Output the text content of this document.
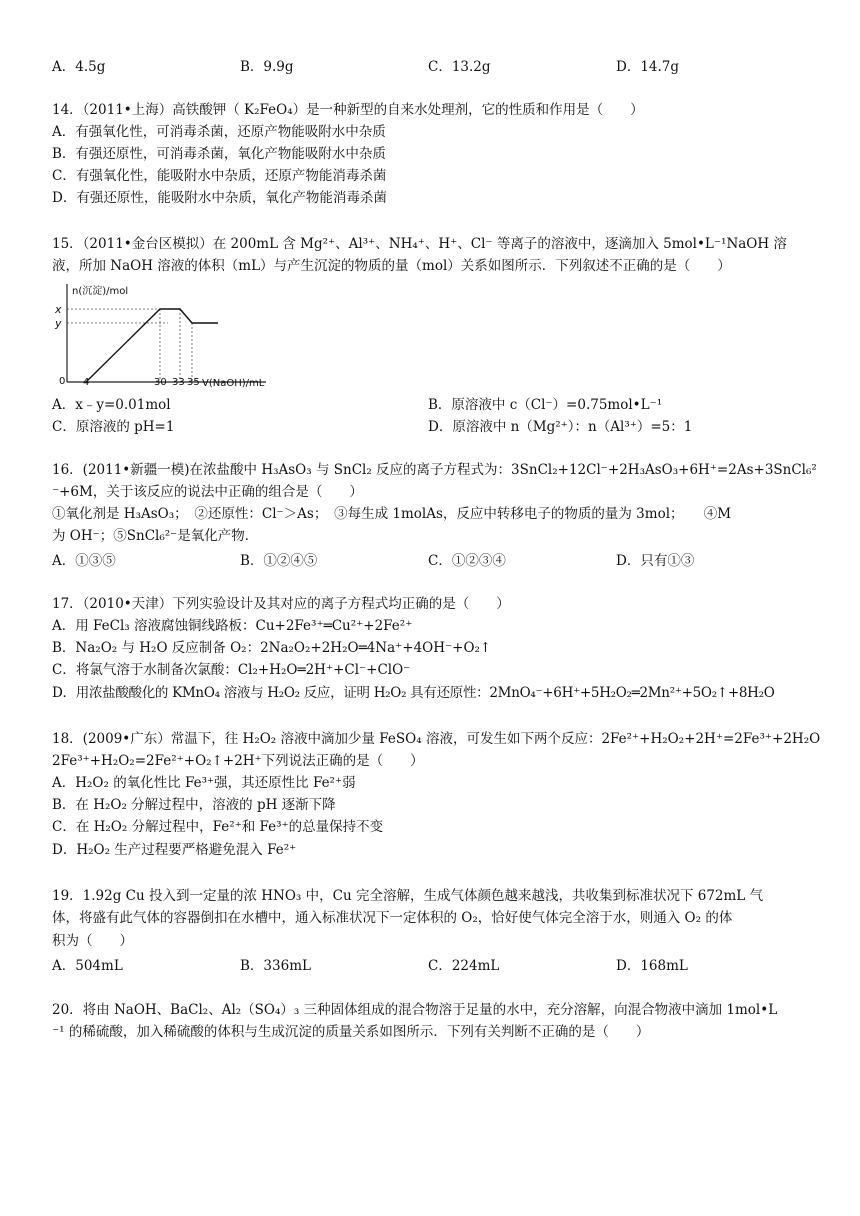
A．4.5g	B．9.9g	C．13.2g	D．14.7g
14．（2011•上海）高铁酸钾（ K₂FeO₄）是一种新型的自来水处理剂，它的性质和作用是（　　）
A．有强氧化性，可消毒杀菌，还原产物能吸附水中杂质
B．有强还原性，可消毒杀菌，氧化产物能吸附水中杂质
C．有强氧化性，能吸附水中杂质，还原产物能消毒杀菌
D．有强还原性，能吸附水中杂质，氧化产物能消毒杀菌
15．（2011•金台区模拟）在 200mL 含 Mg²⁺、Al³⁺、NH₄⁺、H⁺、Cl⁻ 等离子的溶液中，逐滴加入 5mol•L⁻¹NaOH 溶
液，所加 NaOH 溶液的体积（mL）与产生沉淀的物质的量（mol）关系如图所示．下列叙述不正确的是（　　）
n(沉淀)/mol
V(NaOH)/mL
0
x
y
4	30 33 35
A．x﹣y=0.01mol	B．原溶液中 c（Cl⁻）=0.75mol•L⁻¹
C．原溶液的 pH=1	D．原溶液中 n（Mg²⁺）：n（Al³⁺）=5：1
16．(2011•新疆一模)在浓盐酸中 H₃AsO₃ 与 SnCl₂ 反应的离子方程式为：3SnCl₂+12Cl⁻+2H₃AsO₃+6H⁺=2As+3SnCl₆²
⁻+6M，关于该反应的说法中正确的组合是（　　）
①氧化剂是 H₃AsO₃；　②还原性：Cl⁻＞As；　③每生成 1molAs，反应中转移电子的物质的量为 3mol；　　④M
为 OH⁻；⑤SnCl₆²⁻是氧化产物．
A．①③⑤	B．①②④⑤	C．①②③④	D．只有①③
17．（2010•天津）下列实验设计及其对应的离子方程式均正确的是（　　）
A．用 FeCl₃ 溶液腐蚀铜线路板：Cu+2Fe³⁺═Cu²⁺+2Fe²⁺
B．Na₂O₂ 与 H₂O 反应制备 O₂：2Na₂O₂+2H₂O═4Na⁺+4OH⁻+O₂↑
C．将氯气溶于水制备次氯酸：Cl₂+H₂O═2H⁺+Cl⁻+ClO⁻
D．用浓盐酸酸化的 KMnO₄ 溶液与 H₂O₂ 反应，证明 H₂O₂ 具有还原性：2MnO₄⁻+6H⁺+5H₂O₂═2Mn²⁺+5O₂↑+8H₂O
18．(2009•广东）常温下，往 H₂O₂ 溶液中滴加少量 FeSO₄ 溶液，可发生如下两个反应：2Fe²⁺+H₂O₂+2H⁺=2Fe³⁺+2H₂O
2Fe³⁺+H₂O₂=2Fe²⁺+O₂↑+2H⁺下列说法正确的是（　　）
A．H₂O₂ 的氧化性比 Fe³⁺强，其还原性比 Fe²⁺弱
B．在 H₂O₂ 分解过程中，溶液的 pH 逐渐下降
C．在 H₂O₂ 分解过程中，Fe²⁺和 Fe³⁺的总量保持不变
D．H₂O₂ 生产过程要严格避免混入 Fe²⁺
19．1.92g Cu 投入到一定量的浓 HNO₃ 中，Cu 完全溶解，生成气体颜色越来越浅，共收集到标准状况下 672mL 气
体，将盛有此气体的容器倒扣在水槽中，通入标准状况下一定体积的 O₂，恰好使气体完全溶于水，则通入 O₂ 的体
积为（　　）
A．504mL	B．336mL	C．224mL	D．168mL
20．将由 NaOH、BaCl₂、Al₂（SO₄）₃ 三种固体组成的混合物溶于足量的水中，充分溶解，向混合物液中滴加 1mol•L
⁻¹ 的稀硫酸，加入稀硫酸的体积与生成沉淀的质量关系如图所示．下列有关判断不正确的是（　　）
